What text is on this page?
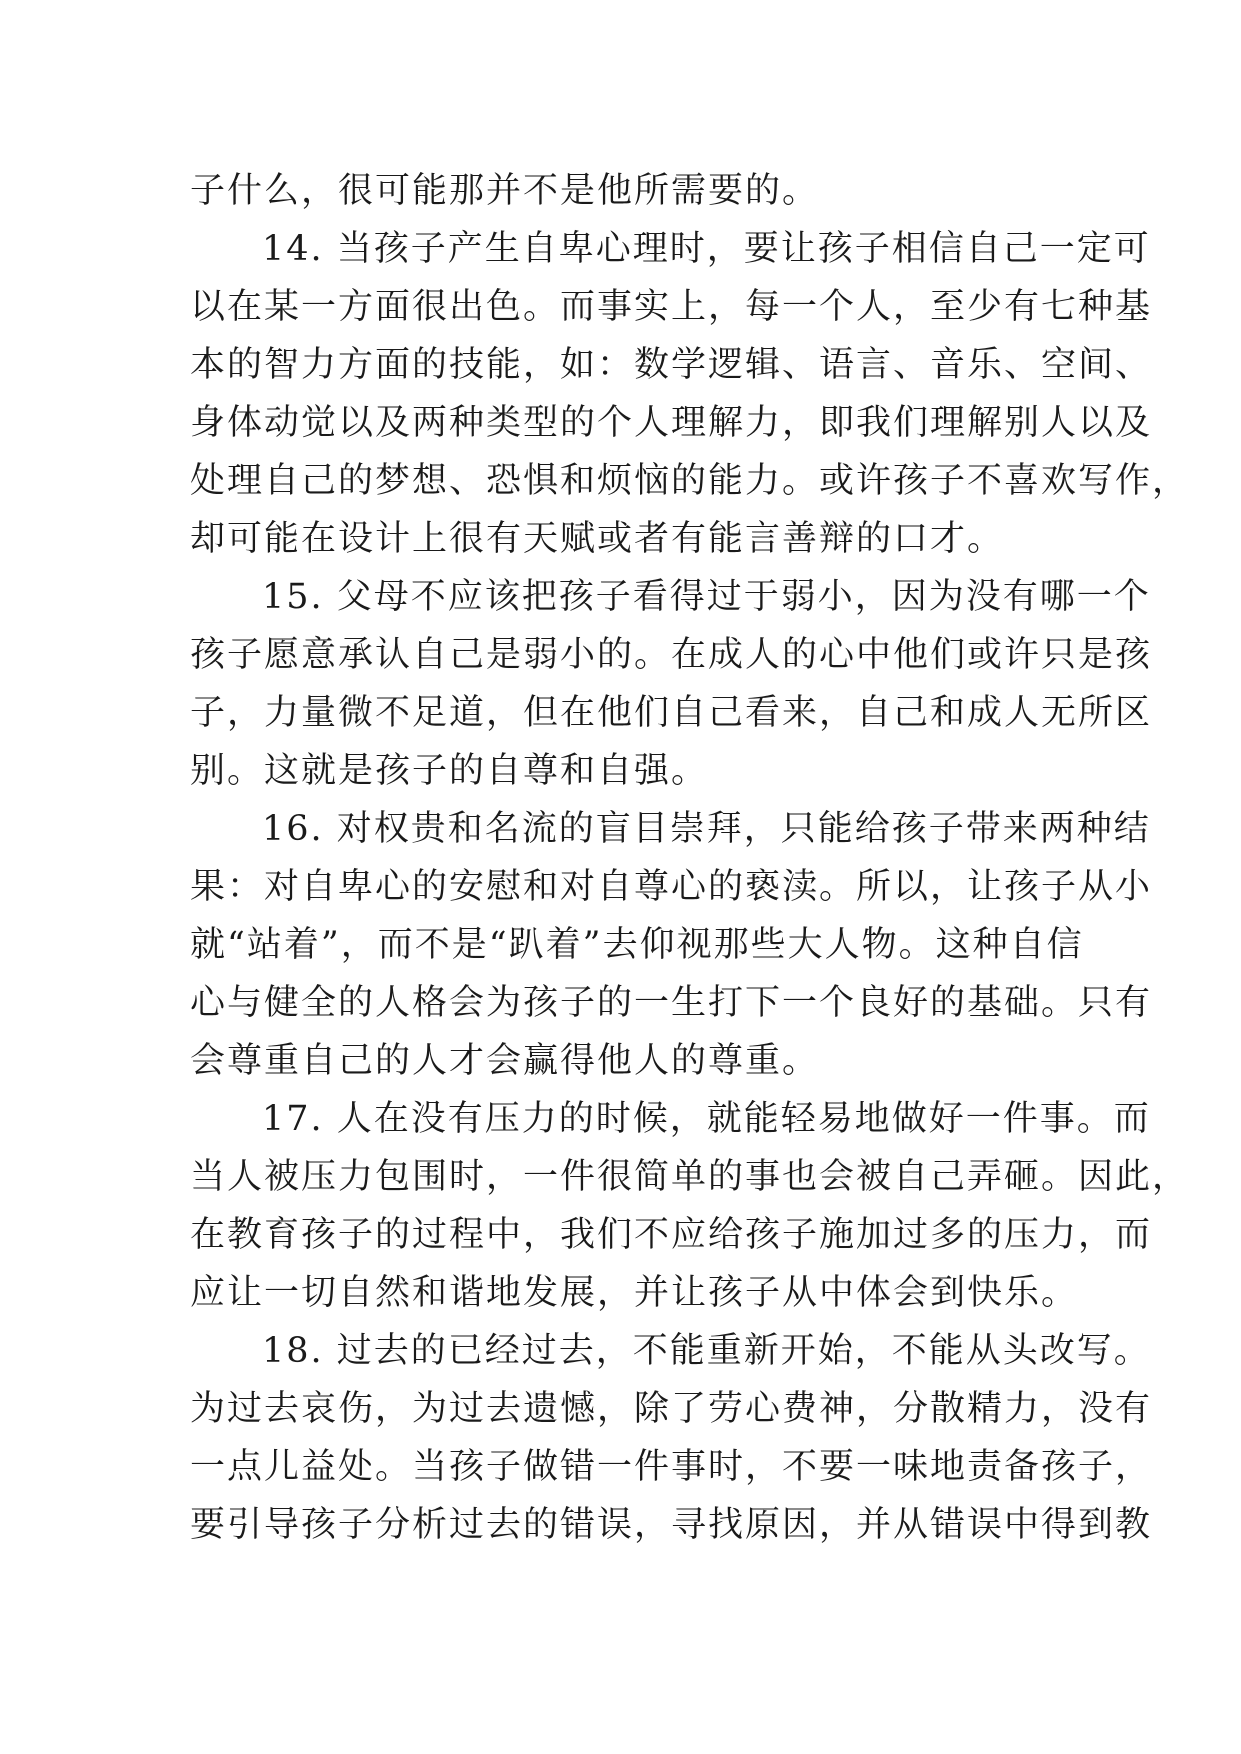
子什么，很可能那并不是他所需要的。
14. 当孩子产生自卑心理时，要让孩子相信自己一定可
以在某一方面很出色。而事实上，每一个人，至少有七种基
本的智力方面的技能，如：数学逻辑、语言、音乐、空间、
身体动觉以及两种类型的个人理解力，即我们理解别人以及
处理自己的梦想、恐惧和烦恼的能力。或许孩子不喜欢写作，
却可能在设计上很有天赋或者有能言善辩的口才。
15. 父母不应该把孩子看得过于弱小，因为没有哪一个
孩子愿意承认自己是弱小的。在成人的心中他们或许只是孩
子，力量微不足道，但在他们自己看来，自己和成人无所区
别。这就是孩子的自尊和自强。
16. 对权贵和名流的盲目崇拜，只能给孩子带来两种结
果：对自卑心的安慰和对自尊心的亵渎。所以，让孩子从小
就“站着”，而不是“趴着”去仰视那些大人物。这种自信
心与健全的人格会为孩子的一生打下一个良好的基础。只有
会尊重自己的人才会赢得他人的尊重。
17. 人在没有压力的时候，就能轻易地做好一件事。而
当人被压力包围时，一件很简单的事也会被自己弄砸。因此，
在教育孩子的过程中，我们不应给孩子施加过多的压力，而
应让一切自然和谐地发展，并让孩子从中体会到快乐。
18. 过去的已经过去，不能重新开始，不能从头改写。
为过去哀伤，为过去遗憾，除了劳心费神，分散精力，没有
一点儿益处。当孩子做错一件事时，不要一味地责备孩子，
要引导孩子分析过去的错误，寻找原因，并从错误中得到教
